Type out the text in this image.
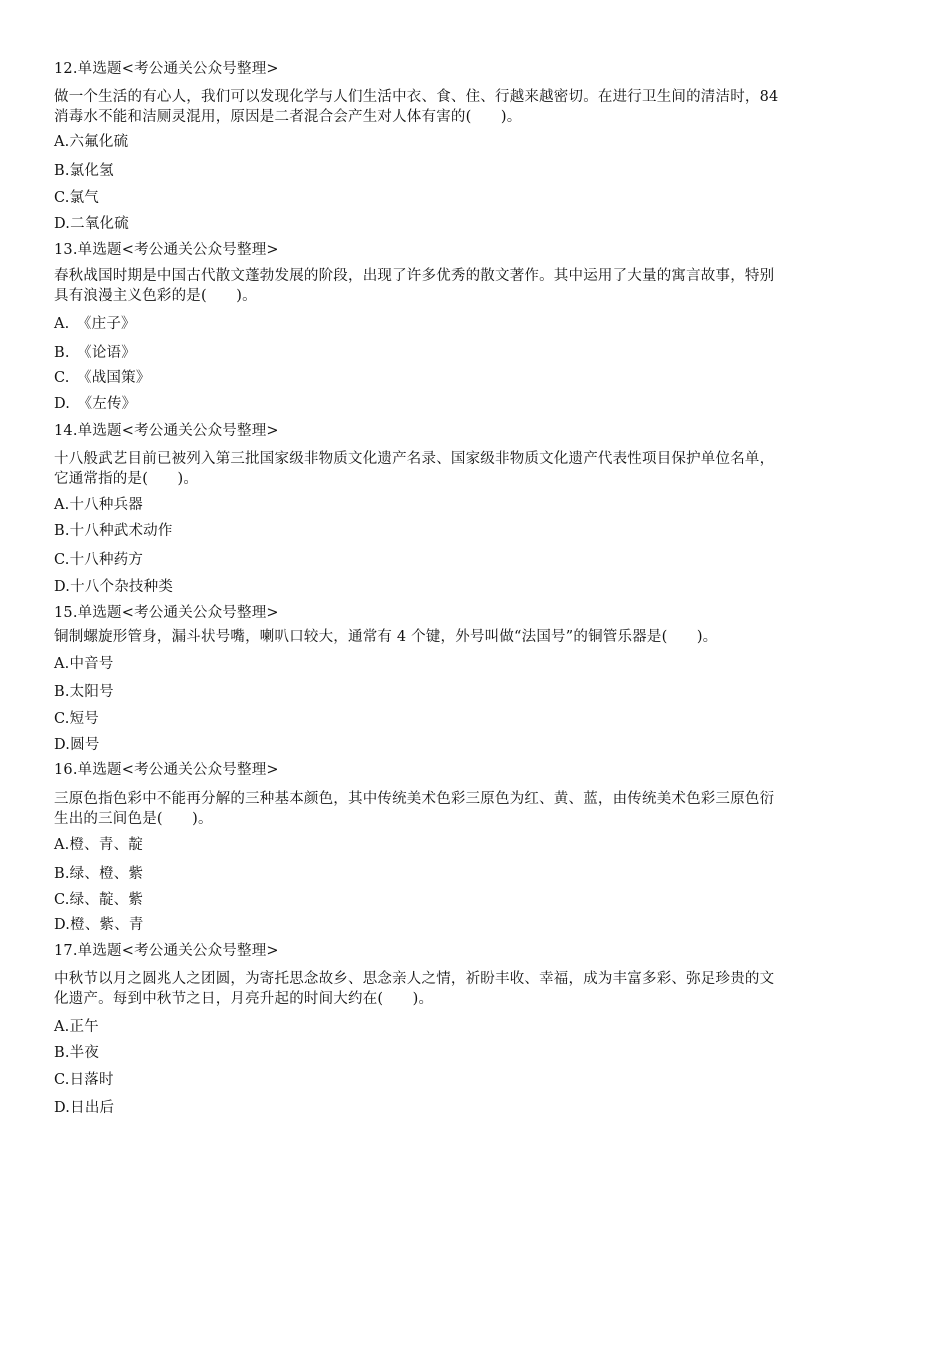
12.单选题<考公通关公众号整理>
做一个生活的有心人，我们可以发现化学与人们生活中衣、食、住、行越来越密切。在进行卫生间的清洁时，84
消毒水不能和洁厕灵混用，原因是二者混合会产生对人体有害的(　　)。
A.六氟化硫
B.氯化氢
C.氯气
D.二氧化硫
13.单选题<考公通关公众号整理>
春秋战国时期是中国古代散文蓬勃发展的阶段，出现了许多优秀的散文著作。其中运用了大量的寓言故事，特别
具有浪漫主义色彩的是(　　)。
A.　《庄子》
B.　《论语》
C.　《战国策》
D.　《左传》
14.单选题<考公通关公众号整理>
十八般武艺目前已被列入第三批国家级非物质文化遗产名录、国家级非物质文化遗产代表性项目保护单位名单，
它通常指的是(　　)。
A.十八种兵器
B.十八种武术动作
C.十八种药方
D.十八个杂技种类
15.单选题<考公通关公众号整理>
铜制螺旋形管身，漏斗状号嘴，喇叭口较大，通常有 4 个键，外号叫做“法国号”的铜管乐器是(　　)。
A.中音号
B.太阳号
C.短号
D.圆号
16.单选题<考公通关公众号整理>
三原色指色彩中不能再分解的三种基本颜色，其中传统美术色彩三原色为红、黄、蓝，由传统美术色彩三原色衍
生出的三间色是(　　)。
A.橙、青、靛
B.绿、橙、紫
C.绿、靛、紫
D.橙、紫、青
17.单选题<考公通关公众号整理>
中秋节以月之圆兆人之团圆，为寄托思念故乡、思念亲人之情，祈盼丰收、幸福，成为丰富多彩、弥足珍贵的文
化遗产。每到中秋节之日，月亮升起的时间大约在(　　)。
A.正午
B.半夜
C.日落时
D.日出后
